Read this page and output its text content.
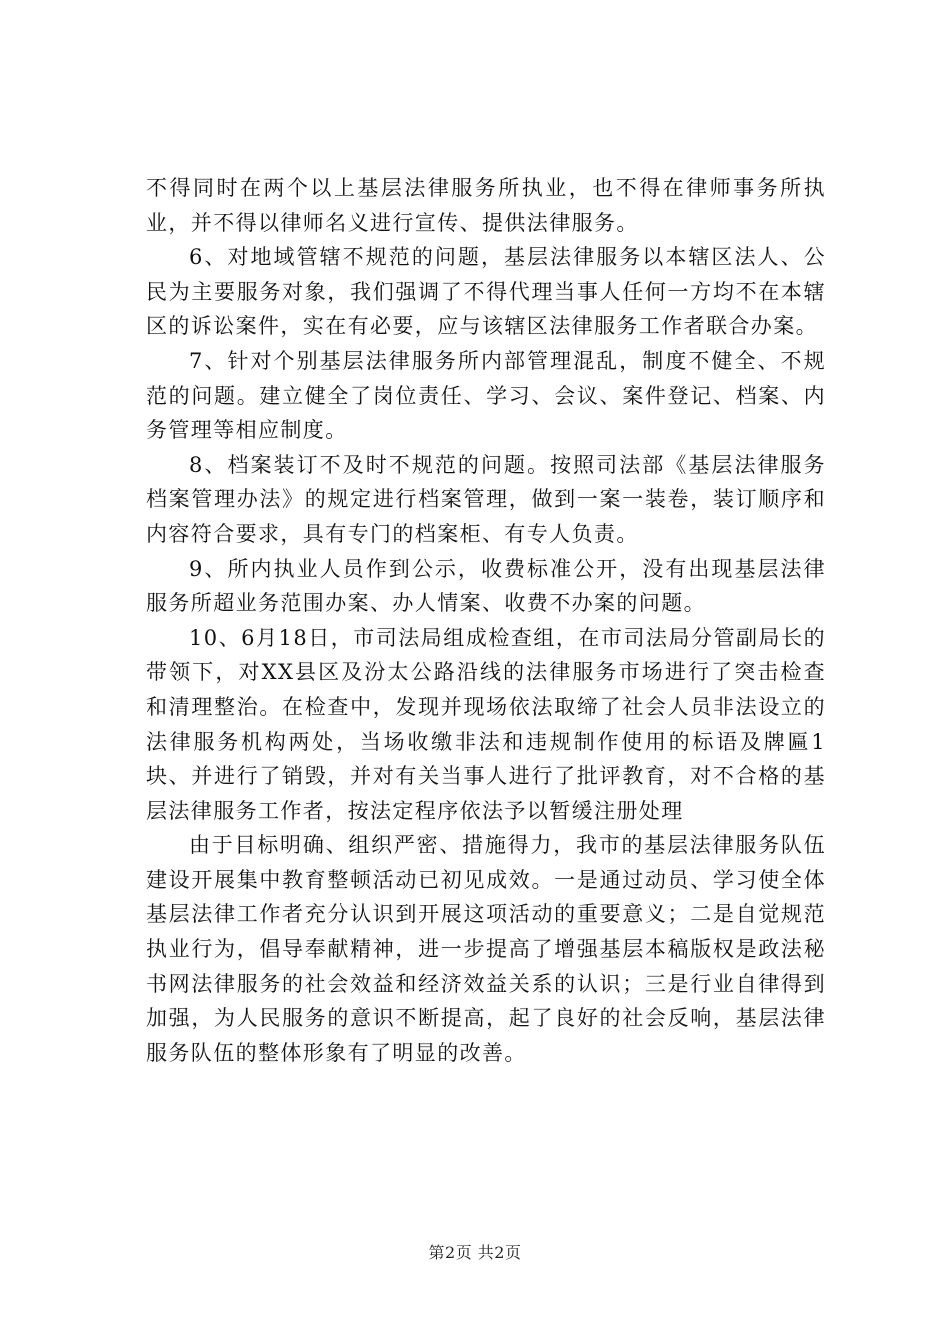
不得同时在两个以上基层法律服务所执业，也不得在律师事务所执业，并不得以律师名义进行宣传、提供法律服务。

6、对地域管辖不规范的问题，基层法律服务以本辖区法人、公民为主要服务对象，我们强调了不得代理当事人任何一方均不在本辖区的诉讼案件，实在有必要，应与该辖区法律服务工作者联合办案。

7、针对个别基层法律服务所内部管理混乱，制度不健全、不规范的问题。建立健全了岗位责任、学习、会议、案件登记、档案、内务管理等相应制度。

8、档案装订不及时不规范的问题。按照司法部《基层法律服务档案管理办法》的规定进行档案管理，做到一案一装卷，装订顺序和内容符合要求，具有专门的档案柜、有专人负责。

9、所内执业人员作到公示，收费标准公开，没有出现基层法律服务所超业务范围办案、办人情案、收费不办案的问题。

10、6月18日，市司法局组成检查组，在市司法局分管副局长的带领下，对XX县区及汾太公路沿线的法律服务市场进行了突击检查和清理整治。在检查中，发现并现场依法取缔了社会人员非法设立的法律服务机构两处，当场收缴非法和违规制作使用的标语及牌匾1块、并进行了销毁，并对有关当事人进行了批评教育，对不合格的基层法律服务工作者，按法定程序依法予以暂缓注册处理

由于目标明确、组织严密、措施得力，我市的基层法律服务队伍建设开展集中教育整顿活动已初见成效。一是通过动员、学习使全体基层法律工作者充分认识到开展这项活动的重要意义；二是自觉规范执业行为，倡导奉献精神，进一步提高了增强基层本稿版权是政法秘书网法律服务的社会效益和经济效益关系的认识；三是行业自律得到加强，为人民服务的意识不断提高，起了良好的社会反响，基层法律服务队伍的整体形象有了明显的改善。

第2页 共2页
